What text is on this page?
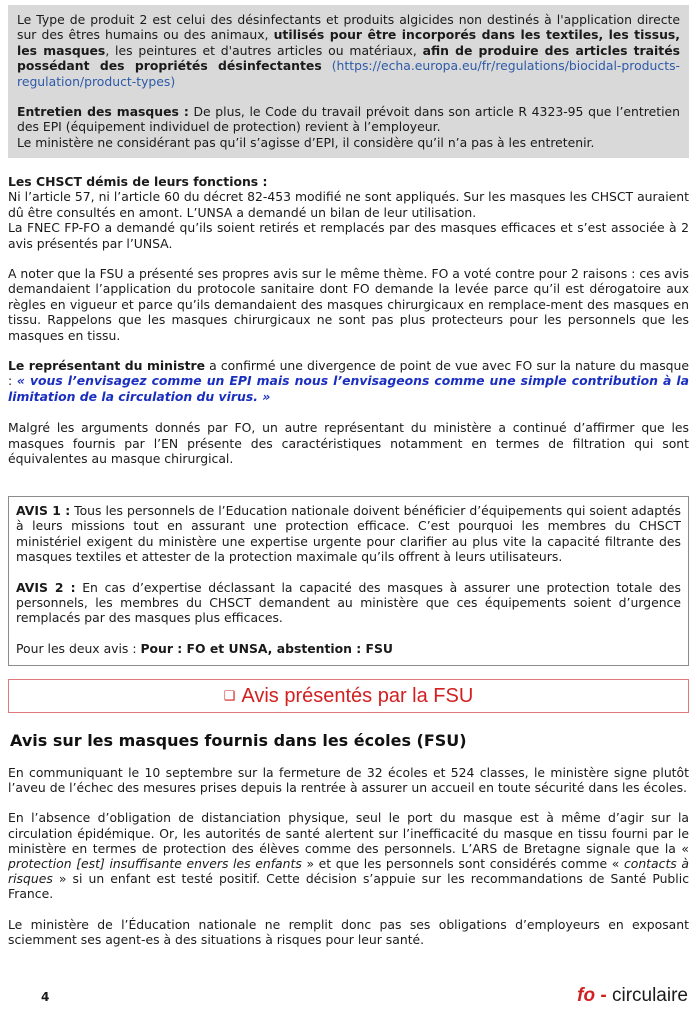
Le Type de produit 2 est celui des désinfectants et produits algicides non destinés à l'application directe sur des êtres humains ou des animaux, utilisés pour être incorporés dans les textiles, les tissus, les masques, les peintures et d'autres articles ou matériaux, afin de produire des articles traités possédant des propriétés désinfectantes (https://echa.europa.eu/fr/regulations/biocidal-products-regulation/product-types)

Entretien des masques : De plus, le Code du travail prévoit dans son article R 4323-95 que l’entretien des EPI (équipement individuel de protection) revient à l’employeur.
Le ministère ne considérant pas qu’il s’agisse d’EPI, il considère qu’il n’a pas à les entretenir.

Les CHSCT démis de leurs fonctions :

Ni l’article 57, ni l’article 60 du décret 82-453 modifié ne sont appliqués. Sur les masques les CHSCT auraient dû être consultés en amont. L’UNSA a demandé un bilan de leur utilisation.

La FNEC FP-FO a demandé qu’ils soient retirés et remplacés par des masques efficaces et s’est associée à 2 avis présentés par l’UNSA.

A noter que la FSU a présenté ses propres avis sur le même thème. FO a voté contre pour 2 raisons : ces avis demandaient l’application du protocole sanitaire dont FO demande la levée parce qu’il est dérogatoire aux règles en vigueur et parce qu’ils demandaient des masques chirurgicaux en remplace-ment des masques en tissu. Rappelons que les masques chirurgicaux ne sont pas plus protecteurs pour les personnels que les masques en tissu.

Le représentant du ministre a confirmé une divergence de point de vue avec FO sur la nature du masque : « vous l’envisagez comme un EPI mais nous l’envisageons comme une simple contribution à la limitation de la circulation du virus. »

Malgré les arguments donnés par FO, un autre représentant du ministère a continué d’affirmer que les masques fournis par l’EN présente des caractéristiques notamment en termes de filtration qui sont équivalentes au masque chirurgical.

AVIS 1 : Tous les personnels de l’Education nationale doivent bénéficier d’équipements qui soient adaptés à leurs missions tout en assurant une protection efficace. C’est pourquoi les membres du CHSCT ministériel exigent du ministère une expertise urgente pour clarifier au plus vite la capacité filtrante des masques textiles et attester de la protection maximale qu’ils offrent à leurs utilisateurs.

AVIS 2 : En cas d’expertise déclassant la capacité des masques à assurer une protection totale des personnels, les membres du CHSCT demandent au ministère que ces équipements soient d’urgence remplacés par des masques plus efficaces.

Pour les deux avis : Pour : FO et UNSA, abstention : FSU

❑ Avis présentés par la FSU
Avis sur les masques fournis dans les écoles (FSU)

En communiquant le 10 septembre sur la fermeture de 32 écoles et 524 classes, le ministère signe plutôt l’aveu de l’échec des mesures prises depuis la rentrée à assurer un accueil en toute sécurité dans les écoles.

En l’absence d’obligation de distanciation physique, seul le port du masque est à même d’agir sur la circulation épidémique. Or, les autorités de santé alertent sur l’inefficacité du masque en tissu fourni par le ministère en termes de protection des élèves comme des personnels. L’ARS de Bretagne signale que la « protection [est] insuffisante envers les enfants » et que les personnels sont considérés comme « contacts à risques » si un enfant est testé positif. Cette décision s’appuie sur les recommandations de Santé Public France.

Le ministère de l’Éducation nationale ne remplit donc pas ses obligations d’employeurs en exposant sciemment ses agent-es à des situations à risques pour leur santé.

4	fo - circulaire
